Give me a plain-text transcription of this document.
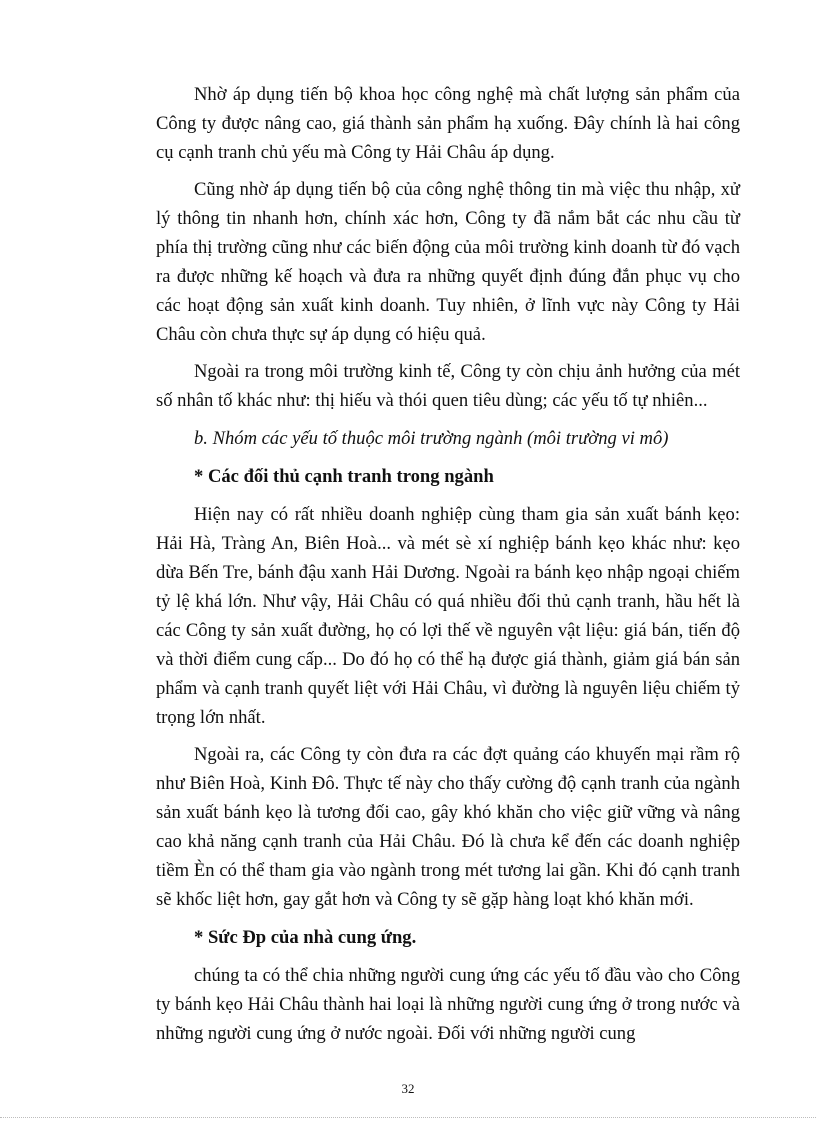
Nhờ áp dụng tiến bộ khoa học công nghệ mà chất lượng sản phẩm của Công ty được nâng cao, giá thành sản phẩm hạ xuống. Đây chính là hai công cụ cạnh tranh chủ yếu mà Công ty Hải Châu áp dụng.

Cũng nhờ áp dụng tiến bộ của công nghệ thông tin mà việc thu nhập, xử lý thông tin nhanh hơn, chính xác hơn, Công ty đã nắm bắt các nhu cầu từ phía thị trường cũng như các biến động của môi trường kinh doanh từ đó vạch ra được những kế hoạch và đưa ra những quyết định đúng đắn phục vụ cho các hoạt động sản xuất kinh doanh. Tuy nhiên, ở lĩnh vực này Công ty Hải Châu còn chưa thực sự áp dụng có hiệu quả.

Ngoài ra trong môi trường kinh tế, Công ty còn chịu ảnh hưởng của mét số nhân tố khác như: thị hiếu và thói quen tiêu dùng; các yếu tố tự nhiên...

b. Nhóm các yếu tố thuộc môi trường ngành (môi trường vi mô)

* Các đối thủ cạnh tranh trong ngành

Hiện nay có rất nhiều doanh nghiệp cùng tham gia sản xuất bánh kẹo: Hải Hà, Tràng An, Biên Hoà... và mét sè xí nghiệp bánh kẹo khác như: kẹo dừa Bến Tre, bánh đậu xanh Hải Dương. Ngoài ra bánh kẹo nhập ngoại chiếm tỷ lệ khá lớn. Như vậy, Hải Châu có quá nhiều đối thủ cạnh tranh, hầu hết là các Công ty sản xuất đường, họ có lợi thế về nguyên vật liệu: giá bán, tiến độ và thời điểm cung cấp... Do đó họ có thể hạ được giá thành, giảm giá bán sản phẩm và cạnh tranh quyết liệt với Hải Châu, vì đường là nguyên liệu chiếm tỷ trọng lớn nhất.

Ngoài ra, các Công ty còn đưa ra các đợt quảng cáo khuyến mại rầm rộ như Biên Hoà, Kinh Đô. Thực tế này cho thấy cường độ cạnh tranh của ngành sản xuất bánh kẹo là tương đối cao, gây khó khăn cho việc giữ vững và nâng cao khả năng cạnh tranh của Hải Châu. Đó là chưa kể đến các doanh nghiệp tiềm Èn có thể tham gia vào ngành trong mét tương lai gần. Khi đó cạnh tranh sẽ khốc liệt hơn, gay gắt hơn và Công ty sẽ gặp hàng loạt khó khăn mới.

* Sức Ðp của nhà cung ứng.

chúng ta có thể chia những người cung ứng các yếu tố đầu vào cho Công ty bánh kẹo Hải Châu thành hai loại là những người cung ứng ở trong nước và những người cung ứng ở nước ngoài. Đối với những người cung

32
